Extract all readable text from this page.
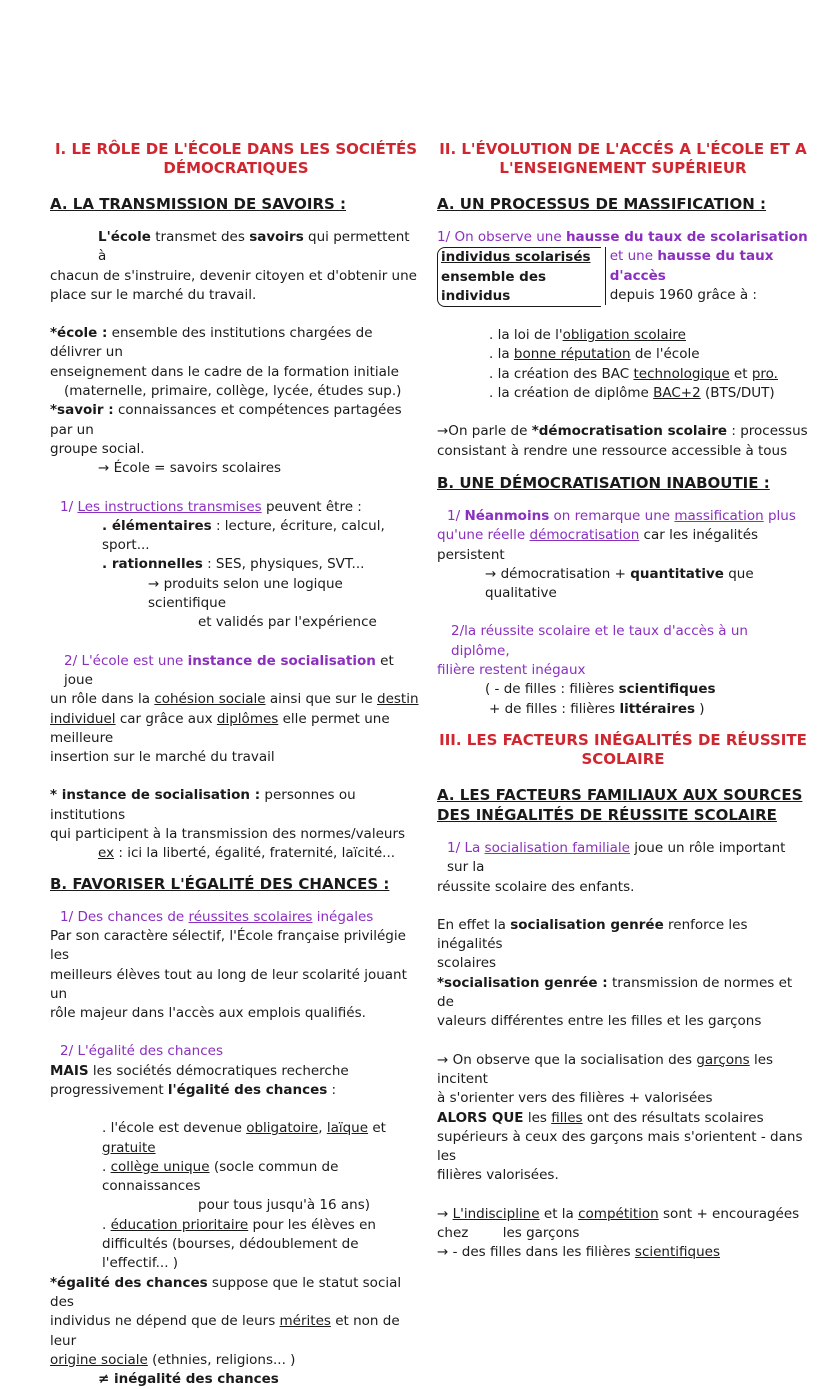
I. LE RÔLE DE L'ÉCOLE DANS LES SOCIÉTÉS DÉMOCRATIQUES
A. LA TRANSMISSION DE SAVOIRS :

L'école transmet des savoirs qui permettent à

chacun de s'instruire, devenir citoyen et d'obtenir une

place sur le marché du travail.

*école : ensemble des institutions chargées de délivrer un

enseignement dans le cadre de la formation initiale

(maternelle, primaire, collège, lycée, études sup.)

*savoir : connaissances et compétences partagées par un

groupe social.

→ École = savoirs scolaires

1/ Les instructions transmises peuvent être :

. élémentaires : lecture, écriture, calcul, sport...

. rationnelles : SES, physiques, SVT...

→ produits selon une logique scientifique

et validés par l'expérience

2/ L'école est une instance de socialisation et joue

un rôle dans la cohésion sociale ainsi que sur le destin

individuel car grâce aux diplômes elle permet une meilleure

insertion sur le marché du travail

* instance de socialisation : personnes ou institutions

qui participent à la transmission des normes/valeurs

ex : ici la liberté, égalité, fraternité, laïcité...

B. FAVORISER L'ÉGALITÉ DES CHANCES :

1/ Des chances de réussites scolaires inégales

Par son caractère sélectif, l'École française privilégie les

meilleurs élèves tout au long de leur scolarité jouant un

rôle majeur dans l'accès aux emplois qualifiés.

2/ L'égalité des chances

MAIS les sociétés démocratiques recherche

progressivement l'égalité des chances :

. l'école est devenue obligatoire, laïque et gratuite

. collège unique (socle commun de connaissances

pour tous jusqu'à 16 ans)

. éducation prioritaire pour les élèves en

difficultés (bourses, dédoublement de l'effectif... )

*égalité des chances suppose que le statut social des

individus ne dépend que de leurs mérites et non de leur

origine sociale (ethnies, religions... )

≠ inégalité des chances

II. L'ÉVOLUTION DE L'ACCÉS A L'ÉCOLE ET A L'ENSEIGNEMENT SUPÉRIEUR
A. UN PROCESSUS DE MASSIFICATION :

1/ On observe une hausse du taux de scolarisation

individus scolarisés
ensemble des individus
et une hausse du taux d'accès
depuis 1960 grâce à :

. la loi de l'obligation scolaire

. la bonne réputation de l'école

. la création des BAC technologique et pro.

. la création de diplôme BAC+2 (BTS/DUT)

→On parle de *démocratisation scolaire : processus

consistant à rendre une ressource accessible à tous

B. UNE DÉMOCRATISATION INABOUTIE :

1/ Néanmoins on remarque une massification plus

qu'une réelle démocratisation car les inégalités persistent

→ démocratisation + quantitative que qualitative

2/la réussite scolaire et le taux d'accès à un diplôme,

filière restent inégaux

( - de filles : filières scientifiques

+ de filles : filières littéraires )

III. LES FACTEURS INÉGALITÉS DE RÉUSSITE SCOLAIRE
A. LES FACTEURS FAMILIAUX AUX SOURCES DES INÉGALITÉS DE RÉUSSITE SCOLAIRE

1/ La socialisation familiale joue un rôle important sur la

réussite scolaire des enfants.

En effet la socialisation genrée renforce les inégalités

scolaires

*socialisation genrée : transmission de normes et de

valeurs différentes entre les filles et les garçons

→ On observe que la socialisation des garçons les incitent

à s'orienter vers des filières + valorisées

ALORS QUE les filles ont des résultats scolaires

supérieurs à ceux des garçons mais s'orientent - dans les

filières valorisées.

→ L'indiscipline et la compétition sont + encouragées

chez        les garçons

→ - des filles dans les filières scientifiques
